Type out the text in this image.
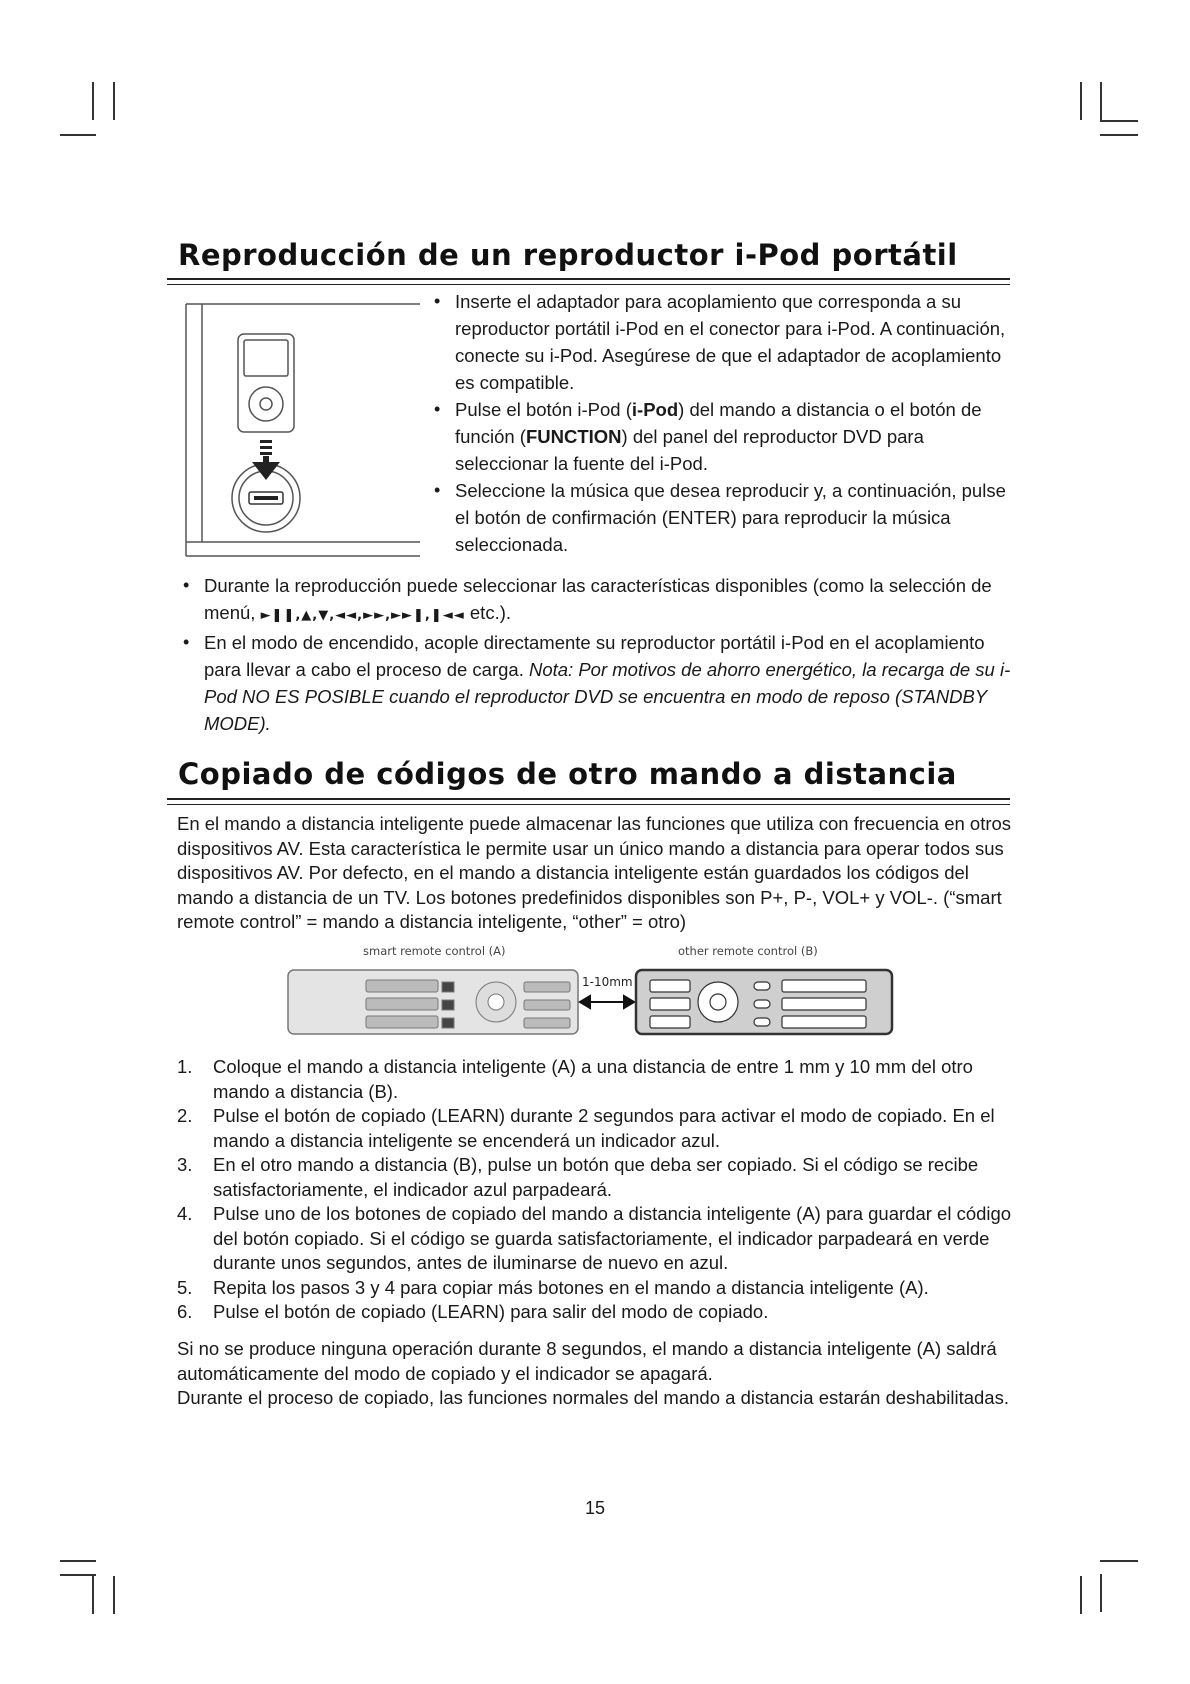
Reproducción de un reproductor i-Pod portátil
• Inserte el adaptador para acoplamiento que corresponda a su reproductor portátil i-Pod en el conector para i-Pod. A continuación, conecte su i-Pod. Asegúrese de que el adaptador de acoplamiento es compatible.
• Pulse el botón i-Pod (i-Pod) del mando a distancia o el botón de función (FUNCTION) del panel del reproductor DVD para seleccionar la fuente del i-Pod.
• Seleccione la música que desea reproducir y, a continuación, pulse el botón de confirmación (ENTER) para reproducir la música seleccionada.
• Durante la reproducción puede seleccionar las características disponibles (como la selección de menú, ►❚❚,▲,▼,◄◄,►►,►►❚,❚◄◄ etc.).
• En el modo de encendido, acople directamente su reproductor portátil i-Pod en el acoplamiento para llevar a cabo el proceso de carga. Nota: Por motivos de ahorro energético, la recarga de su i-Pod NO ES POSIBLE cuando el reproductor DVD se encuentra en modo de reposo (STANDBY MODE).
Copiado de códigos de otro mando a distancia

En el mando a distancia inteligente puede almacenar las funciones que utiliza con frecuencia en otros dispositivos AV. Esta característica le permite usar un único mando a distancia para operar todos sus dispositivos AV. Por defecto, en el mando a distancia inteligente están guardados los códigos del mando a distancia de un TV. Los botones predefinidos disponibles son P+, P-, VOL+ y VOL-. (“smart remote control” = mando a distancia inteligente, “other” = otro)

smart remote control (A)	other remote control (B)
1-10mm
1. Coloque el mando a distancia inteligente (A) a una distancia de entre 1 mm y 10 mm del otro mando a distancia (B).
2. Pulse el botón de copiado (LEARN) durante 2 segundos para activar el modo de copiado. En el mando a distancia inteligente se encenderá un indicador azul.
3. En el otro mando a distancia (B), pulse un botón que deba ser copiado. Si el código se recibe satisfactoriamente, el indicador azul parpadeará.
4. Pulse uno de los botones de copiado del mando a distancia inteligente (A) para guardar el código del botón copiado. Si el código se guarda satisfactoriamente, el indicador parpadeará en verde durante unos segundos, antes de iluminarse de nuevo en azul.
5. Repita los pasos 3 y 4 para copiar más botones en el mando a distancia inteligente (A).
6. Pulse el botón de copiado (LEARN) para salir del modo de copiado.

Si no se produce ninguna operación durante 8 segundos, el mando a distancia inteligente (A) saldrá automáticamente del modo de copiado y el indicador se apagará.
Durante el proceso de copiado, las funciones normales del mando a distancia estarán deshabilitadas.

15
